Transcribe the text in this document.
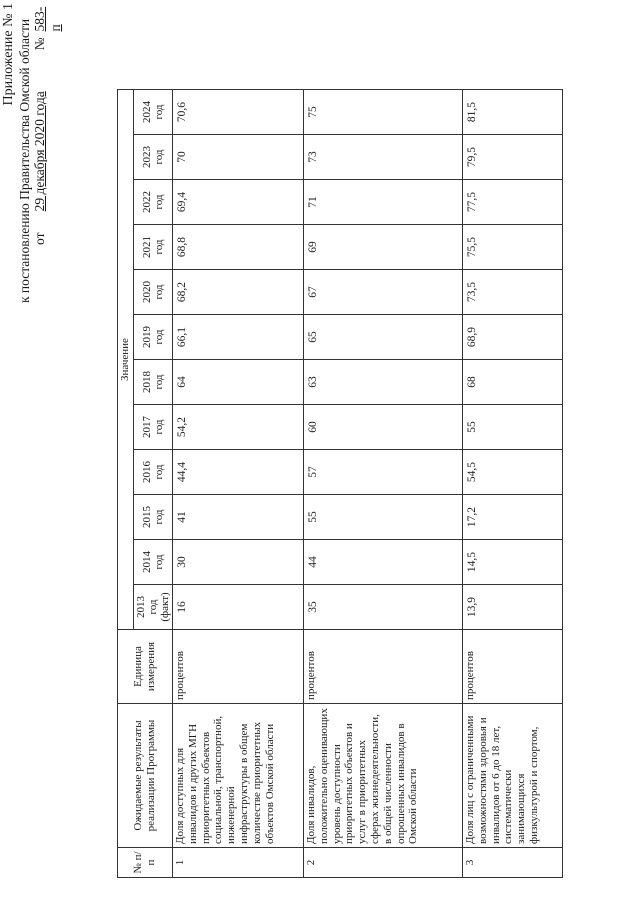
Приложение № 1 к постановлению Правительства Омской области от
29 декабря 2020 года
№
583-п
№ п/п	Ожидаемые результаты реализации Программы	Единица измерения	Значение											
			2013 год (факт)	2014 год	2015 год	2016 год	2017 год	2018 год	2019 год	2020 год	2021 год	2022 год	2023 год	2024 год
1	Доля доступных для инвалидов и других МГН приоритетных объектов социальной, транспортной, инженерной инфраструктуры в общем количестве приоритетных объектов Омской области	процентов	16	30	41	44,4	54,2	64	66,1	68,2	68,8	69,4	70	70,6
2	Доля инвалидов, положительно оценивающих уровень доступности приоритетных объектов и услуг в приоритетных сферах жизнедеятельности, в общей численности опрошенных инвалидов в Омской области	процентов	35	44	55	57	60	63	65	67	69	71	73	75
3	Доля лиц с ограниченными возможностями здоровья и инвалидов от 6 до 18 лет, систематически занимающихся физкультурой и спортом,	процентов	13,9	14,5	17,2	54,5	55	68	68,9	73,5	75,5	77,5	79,5	81,5
